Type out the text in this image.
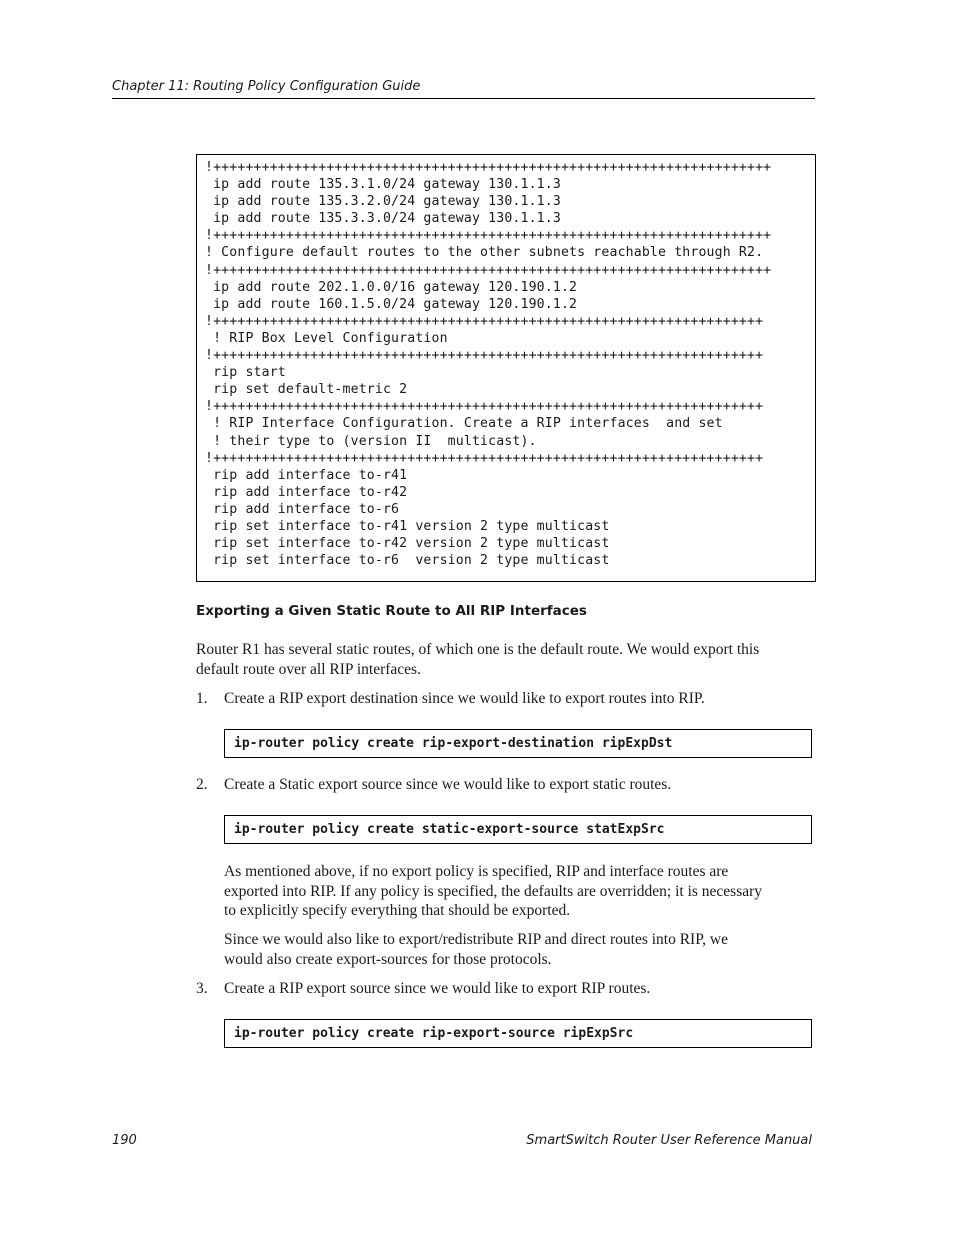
Chapter 11: Routing Policy Configuration Guide
!+++++++++++++++++++++++++++++++++++++++++++++++++++++++++++++++++++++
ip add route 135.3.1.0/24 gateway 130.1.1.3
ip add route 135.3.2.0/24 gateway 130.1.1.3
ip add route 135.3.3.0/24 gateway 130.1.1.3
!+++++++++++++++++++++++++++++++++++++++++++++++++++++++++++++++++++++
! Configure default routes to the other subnets reachable through R2.
!+++++++++++++++++++++++++++++++++++++++++++++++++++++++++++++++++++++
ip add route 202.1.0.0/16 gateway 120.190.1.2
ip add route 160.1.5.0/24 gateway 120.190.1.2
!++++++++++++++++++++++++++++++++++++++++++++++++++++++++++++++++++++
! RIP Box Level Configuration
!++++++++++++++++++++++++++++++++++++++++++++++++++++++++++++++++++++
rip start
rip set default-metric 2
!++++++++++++++++++++++++++++++++++++++++++++++++++++++++++++++++++++
! RIP Interface Configuration. Create a RIP interfaces  and set
! their type to (version II  multicast).
!++++++++++++++++++++++++++++++++++++++++++++++++++++++++++++++++++++
rip add interface to-r41
rip add interface to-r42
rip add interface to-r6
rip set interface to-r41 version 2 type multicast
rip set interface to-r42 version 2 type multicast
rip set interface to-r6  version 2 type multicast
Exporting a Given Static Route to All RIP Interfaces
Router R1 has several static routes, of which one is the default route. We would export this
default route over all RIP interfaces.
1. Create a RIP export destination since we would like to export routes into RIP.
ip-router policy create rip-export-destination ripExpDst
2. Create a Static export source since we would like to export static routes.
ip-router policy create static-export-source statExpSrc
As mentioned above, if no export policy is specified, RIP and interface routes are
exported into RIP. If any policy is specified, the defaults are overridden; it is necessary
to explicitly specify everything that should be exported.
Since we would also like to export/redistribute RIP and direct routes into RIP, we
would also create export-sources for those protocols.
3. Create a RIP export source since we would like to export RIP routes.
ip-router policy create rip-export-source ripExpSrc
190	SmartSwitch Router User Reference Manual
